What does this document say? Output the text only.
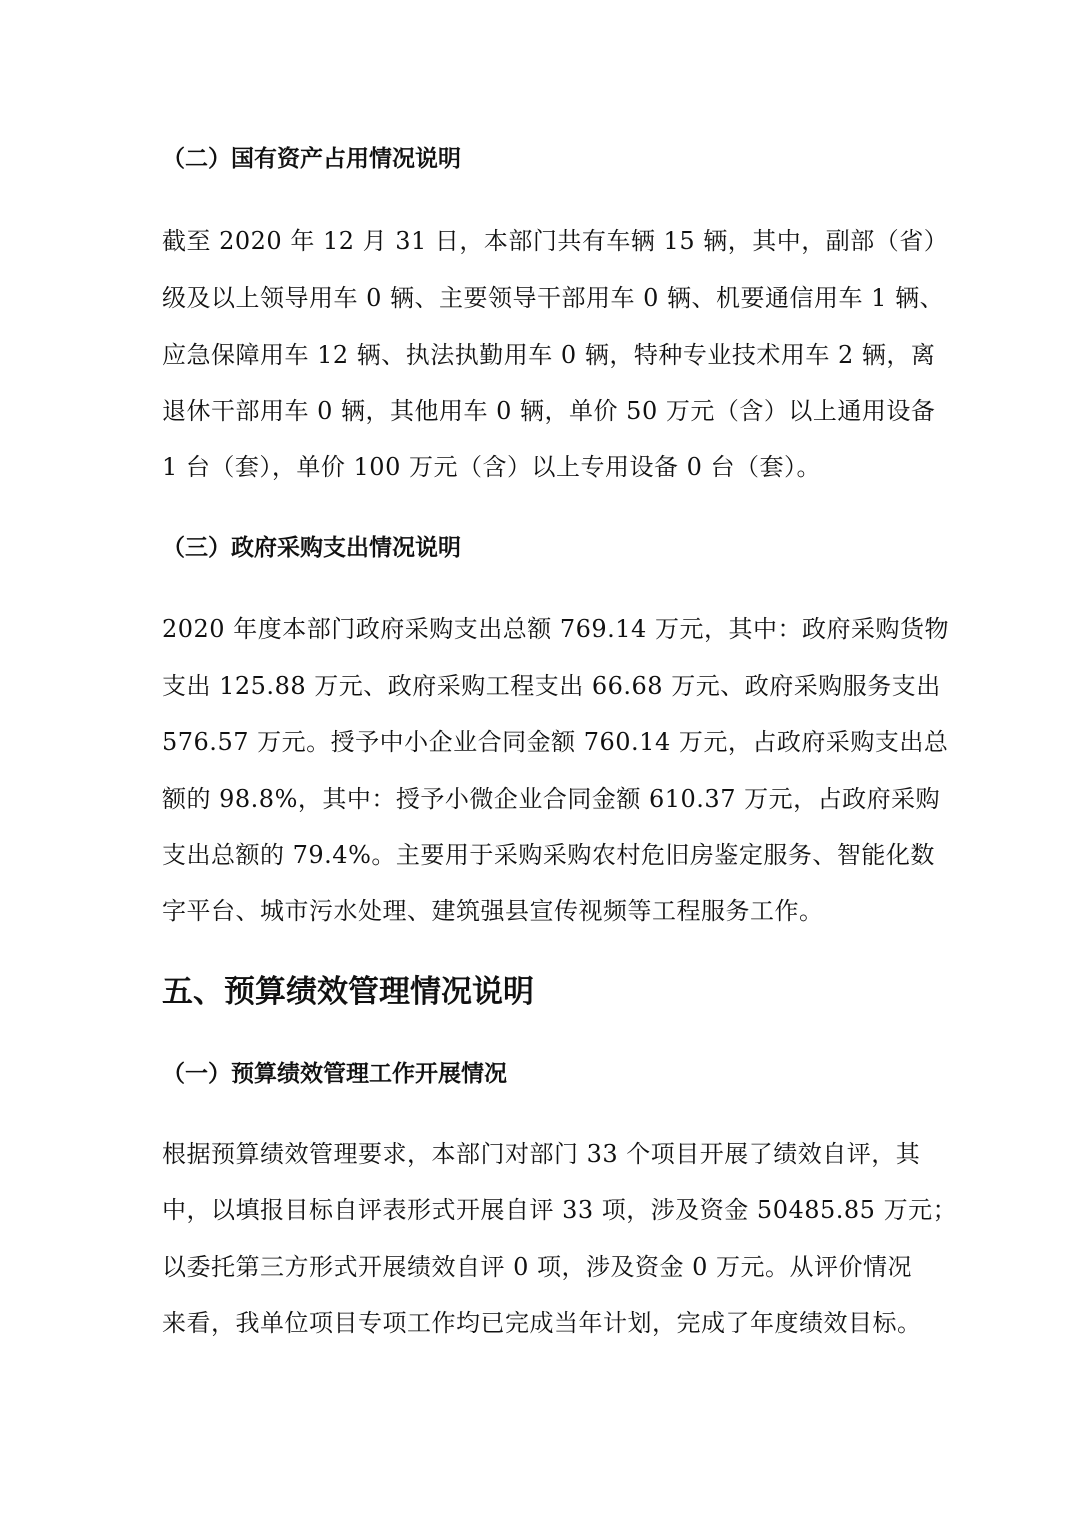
（二）国有资产占用情况说明
截至 2020 年 12 月 31 日，本部门共有车辆 15 辆，其中，副部（省）
级及以上领导用车 0 辆、主要领导干部用车 0 辆、机要通信用车 1 辆、
应急保障用车 12 辆、执法执勤用车 0 辆，特种专业技术用车 2 辆，离
退休干部用车 0 辆，其他用车 0 辆，单价 50 万元（含）以上通用设备
1 台（套），单价 100 万元（含）以上专用设备 0 台（套）。
（三）政府采购支出情况说明
2020 年度本部门政府采购支出总额 769.14 万元，其中：政府采购货物
支出 125.88 万元、政府采购工程支出 66.68 万元、政府采购服务支出
576.57 万元。授予中小企业合同金额 760.14 万元，占政府采购支出总
额的 98.8%，其中：授予小微企业合同金额 610.37 万元，占政府采购
支出总额的 79.4%。主要用于采购采购农村危旧房鉴定服务、智能化数
字平台、城市污水处理、建筑强县宣传视频等工程服务工作。
五、预算绩效管理情况说明
（一）预算绩效管理工作开展情况
根据预算绩效管理要求，本部门对部门 33 个项目开展了绩效自评，其
中，以填报目标自评表形式开展自评 33 项，涉及资金 50485.85 万元；
以委托第三方形式开展绩效自评 0 项，涉及资金 0 万元。从评价情况
来看，我单位项目专项工作均已完成当年计划，完成了年度绩效目标。
